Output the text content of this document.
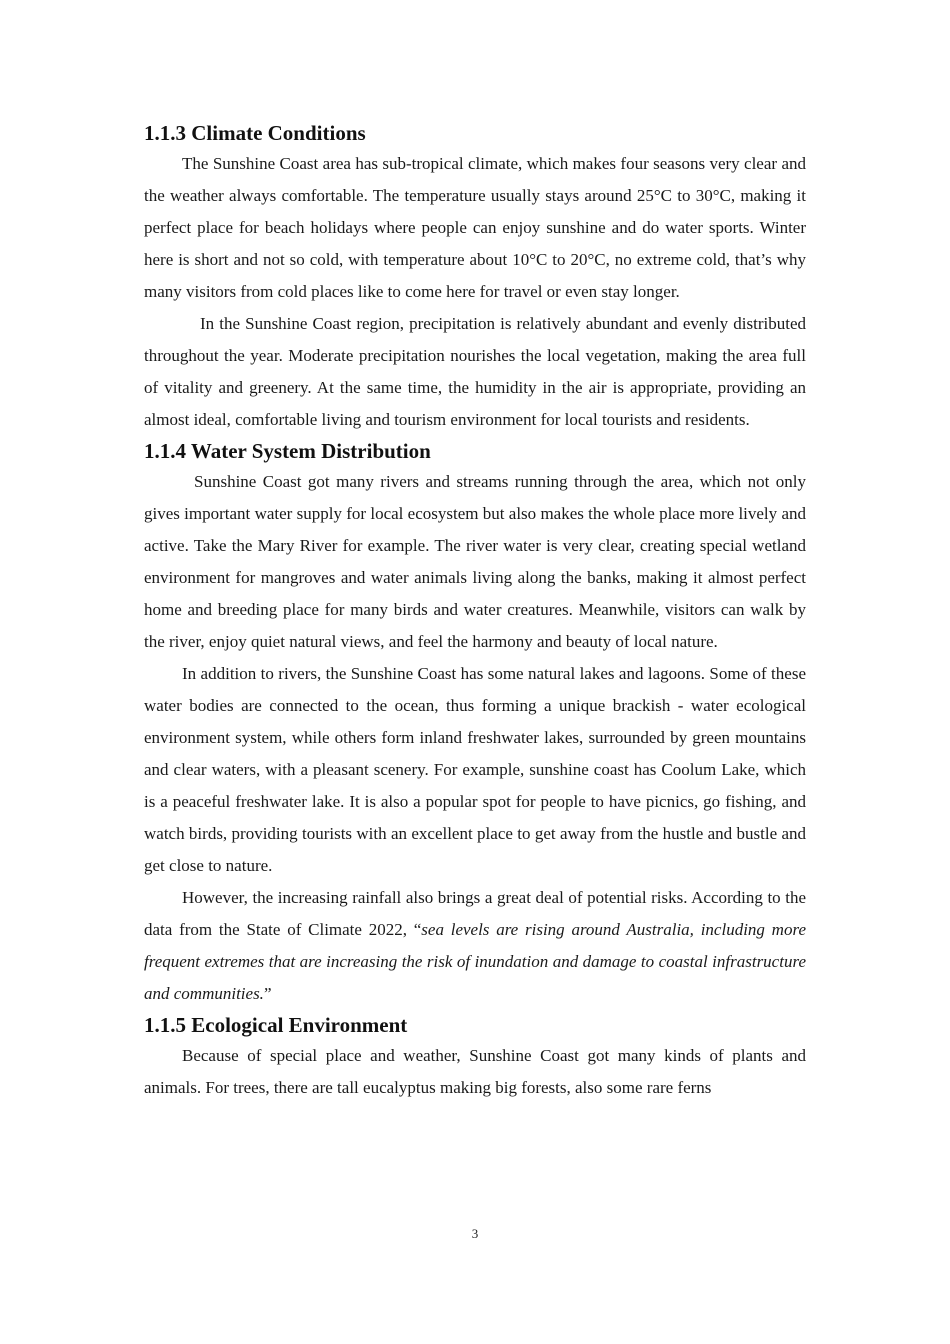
1.1.3 Climate Conditions

The Sunshine Coast area has sub-tropical climate, which makes four seasons very clear and the weather always comfortable. The temperature usually stays around 25°C to 30°C, making it perfect place for beach holidays where people can enjoy sunshine and do water sports. Winter here is short and not so cold, with temperature about 10°C to 20°C, no extreme cold, that’s why many visitors from cold places like to come here for travel or even stay longer.

In the Sunshine Coast region, precipitation is relatively abundant and evenly distributed throughout the year. Moderate precipitation nourishes the local vegetation, making the area full of vitality and greenery. At the same time, the humidity in the air is appropriate, providing an almost ideal, comfortable living and tourism environment for local tourists and residents.

1.1.4 Water System Distribution

Sunshine Coast got many rivers and streams running through the area, which not only gives important water supply for local ecosystem but also makes the whole place more lively and active. Take the Mary River for example. The river water is very clear, creating special wetland environment for mangroves and water animals living along the banks, making it almost perfect home and breeding place for many birds and water creatures. Meanwhile, visitors can walk by the river, enjoy quiet natural views, and feel the harmony and beauty of local nature.

In addition to rivers, the Sunshine Coast has some natural lakes and lagoons. Some of these water bodies are connected to the ocean, thus forming a unique brackish - water ecological environment system, while others form inland freshwater lakes, surrounded by green mountains and clear waters, with a pleasant scenery. For example, sunshine coast has Coolum Lake, which is a peaceful freshwater lake. It is also a popular spot for people to have picnics, go fishing, and watch birds, providing tourists with an excellent place to get away from the hustle and bustle and get close to nature.

However, the increasing rainfall also brings a great deal of potential risks. According to the data from the State of Climate 2022, “sea levels are rising around Australia, including more frequent extremes that are increasing the risk of inundation and damage to coastal infrastructure and communities.”

1.1.5 Ecological Environment

Because of special place and weather, Sunshine Coast got many kinds of plants and animals. For trees, there are tall eucalyptus making big forests, also some rare ferns

3
